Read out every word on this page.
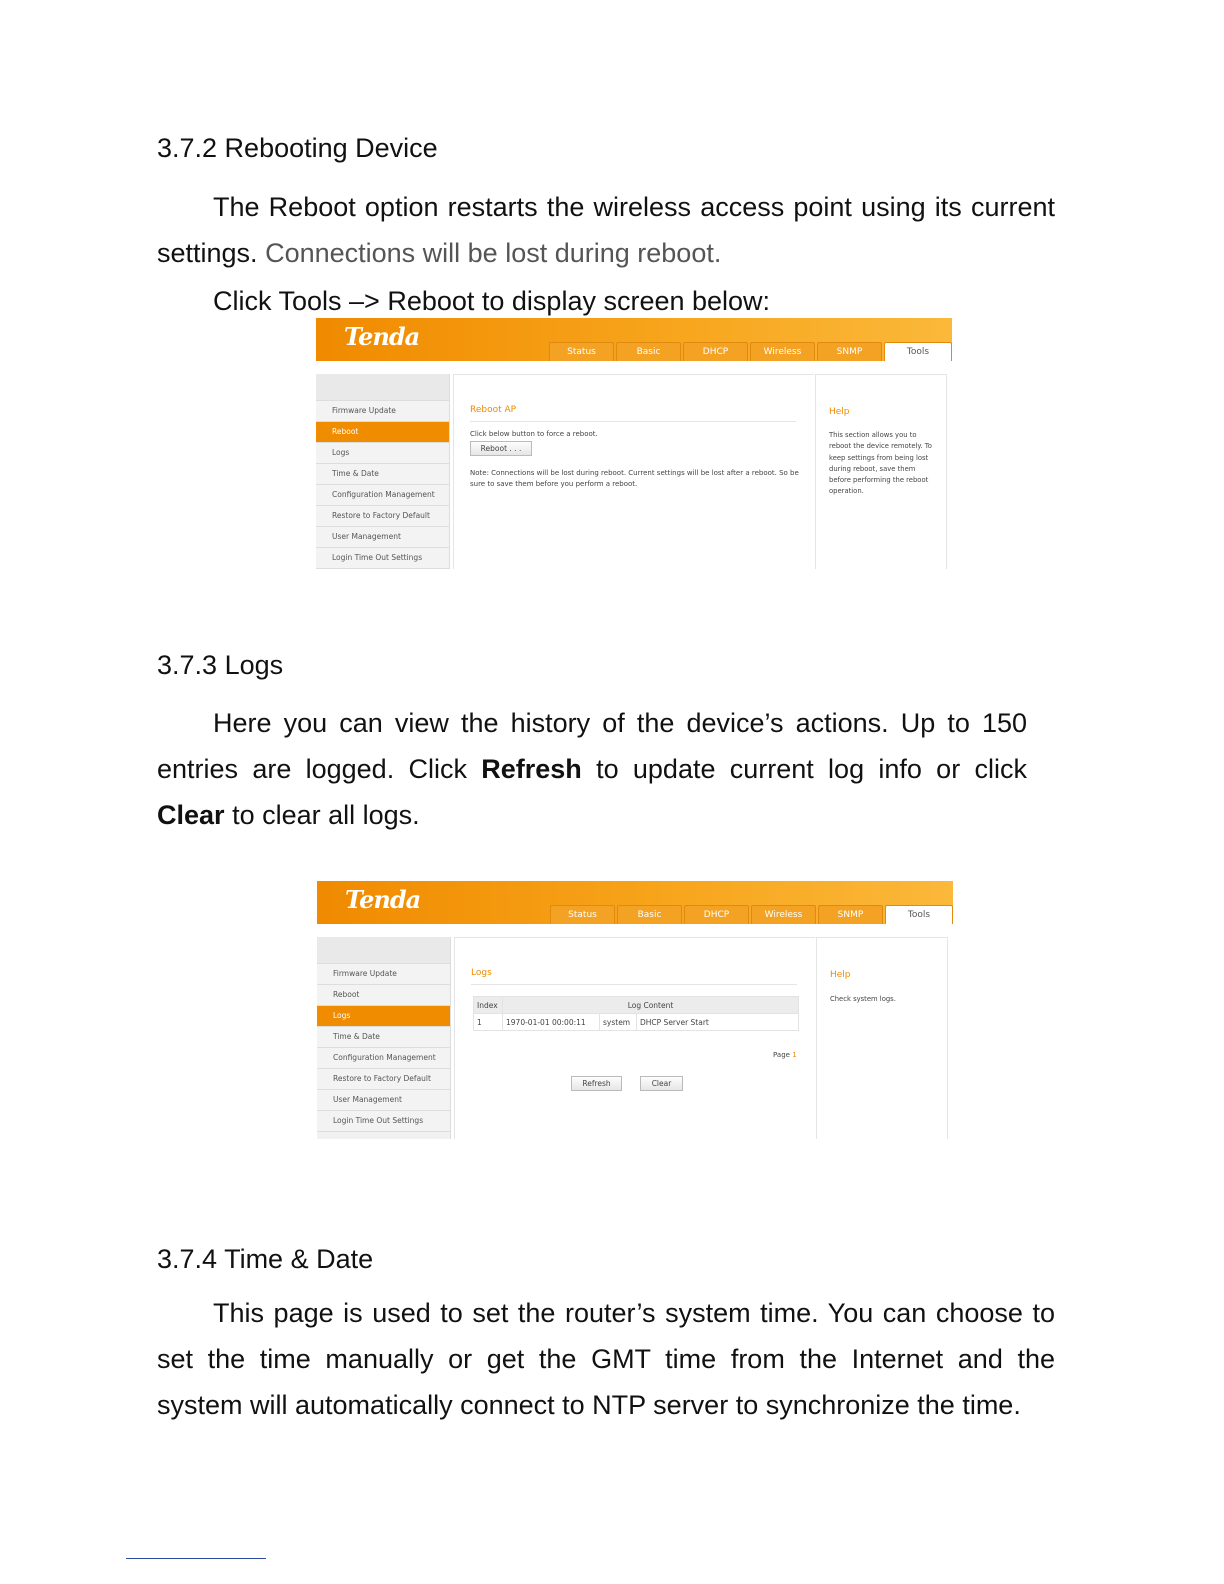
3.7.2 Rebooting Device
The Reboot option restarts the wireless access point using its current settings. Connections will be lost during reboot.
Click Tools –> Reboot to display screen below:
Tenda
Status	Basic	DHCP	Wireless	SNMP	Tools
Firmware Update
Reboot
Logs
Time & Date
Configuration Management
Restore to Factory Default
User Management
Login Time Out Settings
Reboot AP
Click below button to force a reboot.
Reboot . . .
Note: Connections will be lost during reboot. Current settings will be lost after a reboot. So be sure to save them before you perform a reboot.
Help
This section allows you to reboot the device remotely. To keep settings from being lost during reboot, save them before performing the reboot operation.
3.7.3 Logs
Here you can view the history of the device’s actions. Up to 150 entries are logged. Click Refresh to update current log info or click Clear to clear all logs.
Tenda
Status	Basic	DHCP	Wireless	SNMP	Tools
Firmware Update
Reboot
Logs
Time & Date
Configuration Management
Restore to Factory Default
User Management
Login Time Out Settings
Logs
Index	Log Content		
1	1970-01-01 00:00:11	system	DHCP Server Start
Page 1
Refresh	Clear
Help
Check system logs.
3.7.4 Time & Date
This page is used to set the router’s system time. You can choose to set the time manually or get the GMT time from the Internet and the system will automatically connect to NTP server to synchronize the time.
